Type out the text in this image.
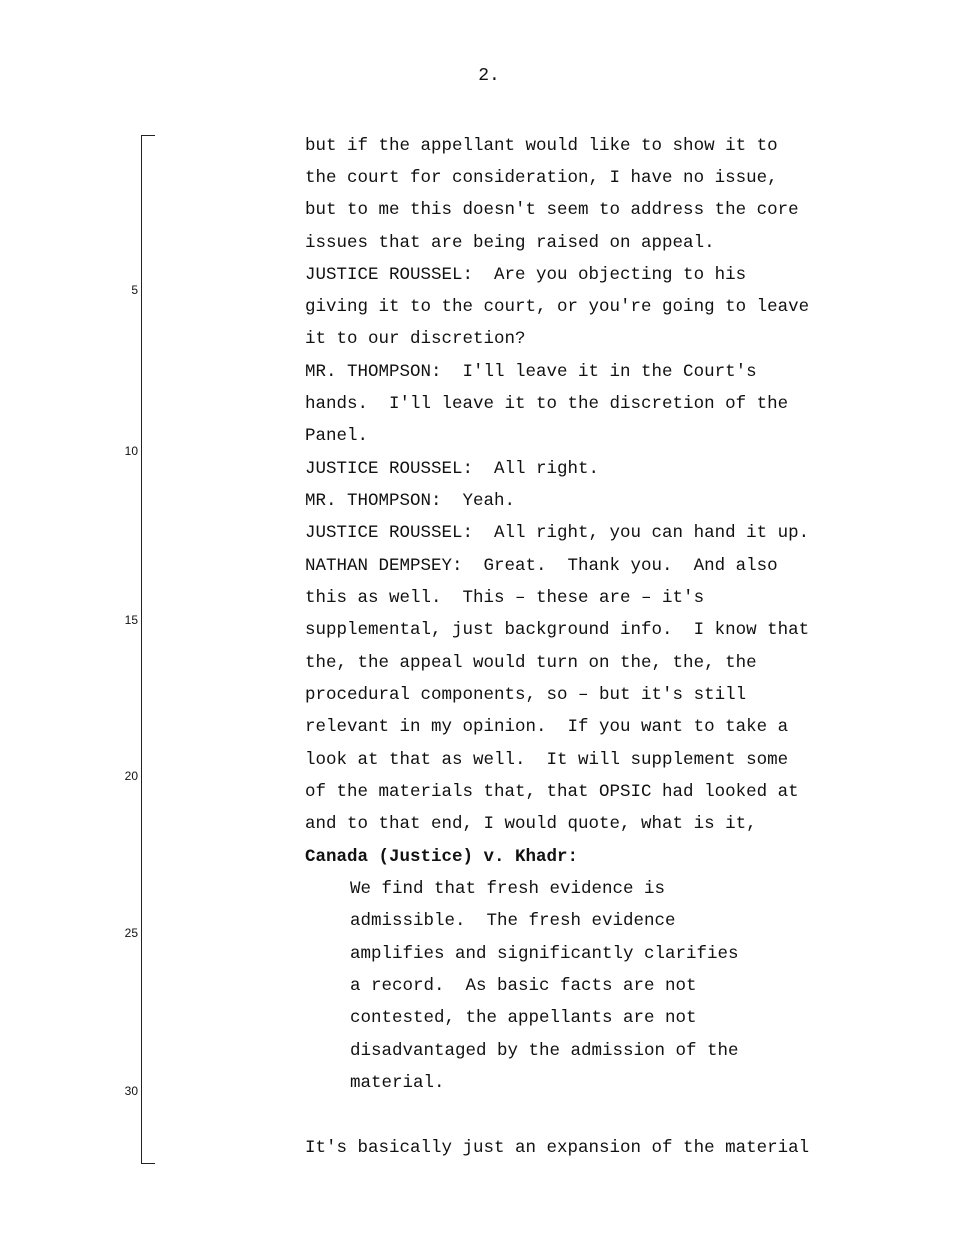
2.
5
10
15
20
25
30
but if the appellant would like to show it to
the court for consideration, I have no issue,
but to me this doesn't seem to address the core
issues that are being raised on appeal.
JUSTICE ROUSSEL:  Are you objecting to his
giving it to the court, or you're going to leave
it to our discretion?
MR. THOMPSON:  I'll leave it in the Court's
hands.  I'll leave it to the discretion of the
Panel.
JUSTICE ROUSSEL:  All right.
MR. THOMPSON:  Yeah.
JUSTICE ROUSSEL:  All right, you can hand it up.
NATHAN DEMPSEY:  Great.  Thank you.  And also
this as well.  This – these are – it's
supplemental, just background info.  I know that
the, the appeal would turn on the, the, the
procedural components, so – but it's still
relevant in my opinion.  If you want to take a
look at that as well.  It will supplement some
of the materials that, that OPSIC had looked at
and to that end, I would quote, what is it,
Canada (Justice) v. Khadr:
We find that fresh evidence is
admissible.  The fresh evidence
amplifies and significantly clarifies
a record.  As basic facts are not
contested, the appellants are not
disadvantaged by the admission of the
material.
It's basically just an expansion of the material
